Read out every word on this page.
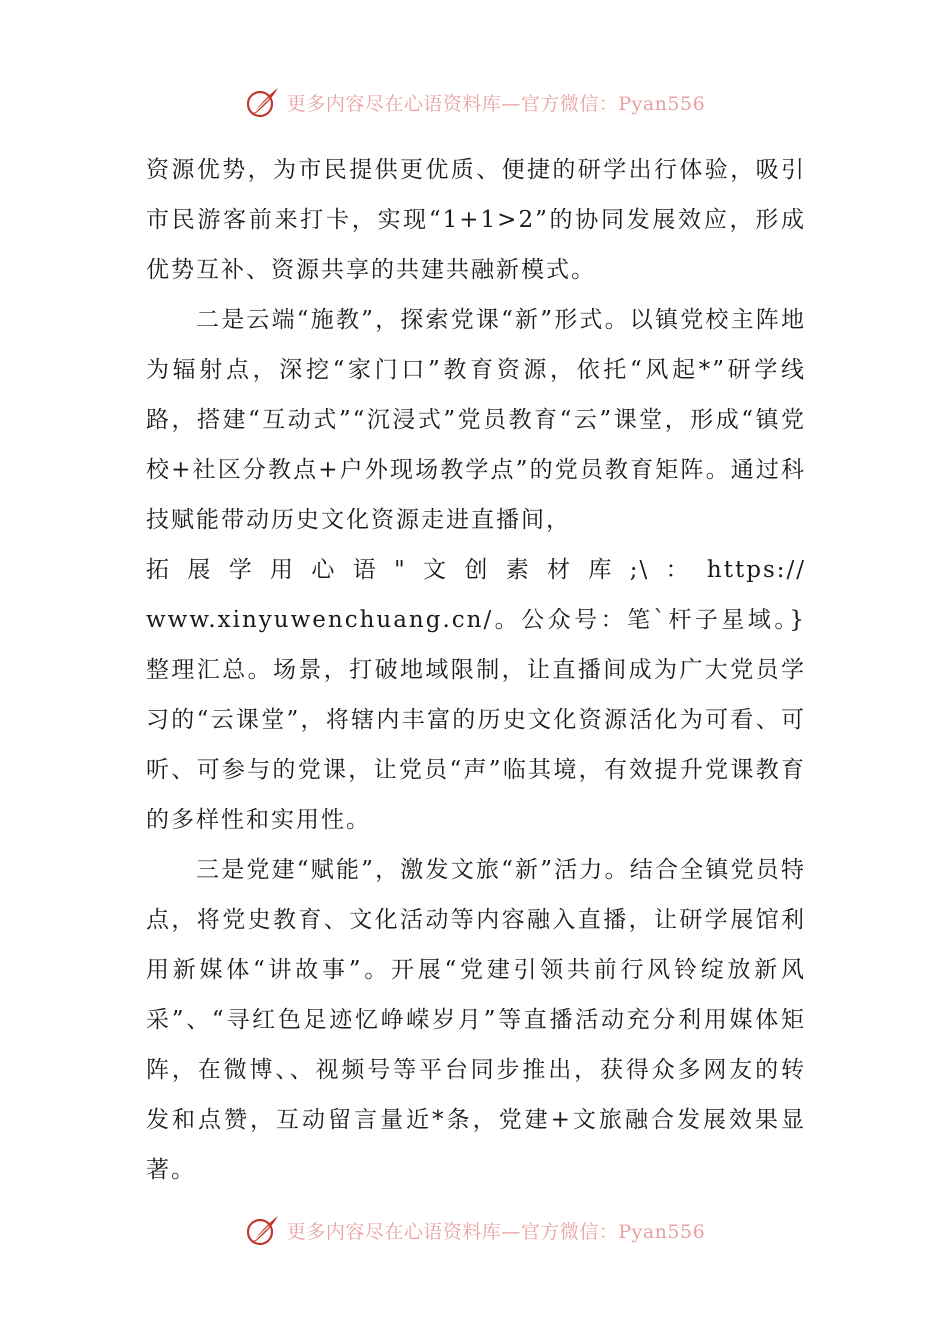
更多内容尽在心语资料库—官方微信：Pyan556

资源优势，为市民提供更优质、便捷的研学出行体验，吸引市民游客前来打卡，实现“1+1>2”的协同发展效应，形成优势互补、资源共享的共建共融新模式。

二是云端“施教”，探索党课“新”形式。以镇党校主阵地为辐射点，深挖“家门口”教育资源，依托“风起*”研学线路，搭建“互动式”“沉浸式”党员教育“云”课堂，形成“镇党校+社区分教点+户外现场教学点”的党员教育矩阵。通过科技赋能带动历史文化资源走进直播间，
拓展学用心语"文创素材库;\：https://
www.xinyuwenchuang.cn/。公众号：笔`杆子星域。}整理汇总。场景，打破地域限制，让直播间成为广大党员学习的“云课堂”，将辖内丰富的历史文化资源活化为可看、可听、可参与的党课，让党员“声”临其境，有效提升党课教育的多样性和实用性。

三是党建“赋能”，激发文旅“新”活力。结合全镇党员特点，将党史教育、文化活动等内容融入直播，让研学展馆利用新媒体“讲故事”。开展“党建引领共前行风铃绽放新风采”、“寻红色足迹忆峥嵘岁月”等直播活动充分利用媒体矩阵，在微博、、视频号等平台同步推出，获得众多网友的转发和点赞，互动留言量近*条，党建+文旅融合发展效果显著。

更多内容尽在心语资料库—官方微信：Pyan556
